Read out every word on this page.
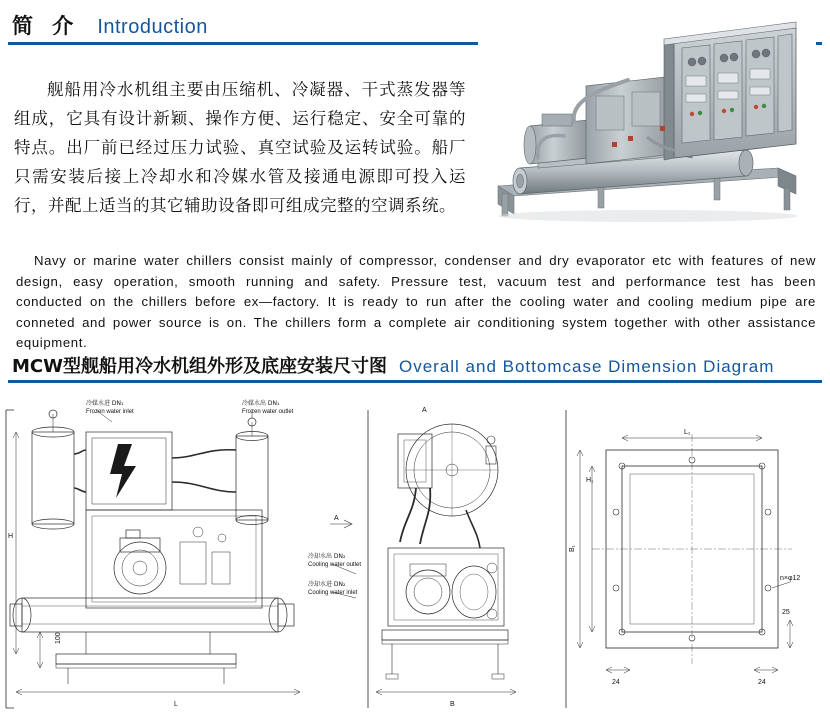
简 介 Introduction

舰船用冷水机组主要由压缩机、冷凝器、干式蒸发器等组成，它具有设计新颖、操作方便、运行稳定、安全可靠的特点。出厂前已经过压力试验、真空试验及运转试验。船厂只需安装后接上冷却水和冷媒水管及接通电源即可投入运行，并配上适当的其它辅助设备即可组成完整的空调系统。

Navy or marine water chillers consist mainly of compressor, condenser and dry evaporator etc with features of new design, easy operation, smooth running and safety. Pressure test, vacuum test and performance test has been conducted on the chillers before ex—factory. It is ready to run after the cooling water and cooling medium pipe are conneted and power source is on. The chillers form a complete air conditioning system together with other assistance equipment.

MCW型舰船用冷水机组外形及底座安装尺寸图 Overall and Bottomcase Dimension Diagram
冷媒水进 DN₁
Frozen water inlet
冷媒水出 DN₁
Frozen water outlet
冷却水出 DN₂
Cooling water outlet
冷却水进 DN₂
Cooling water inlet
A
A
H
100
L	B
H₁
B₁
L₁
24	24
25
n×φ12
